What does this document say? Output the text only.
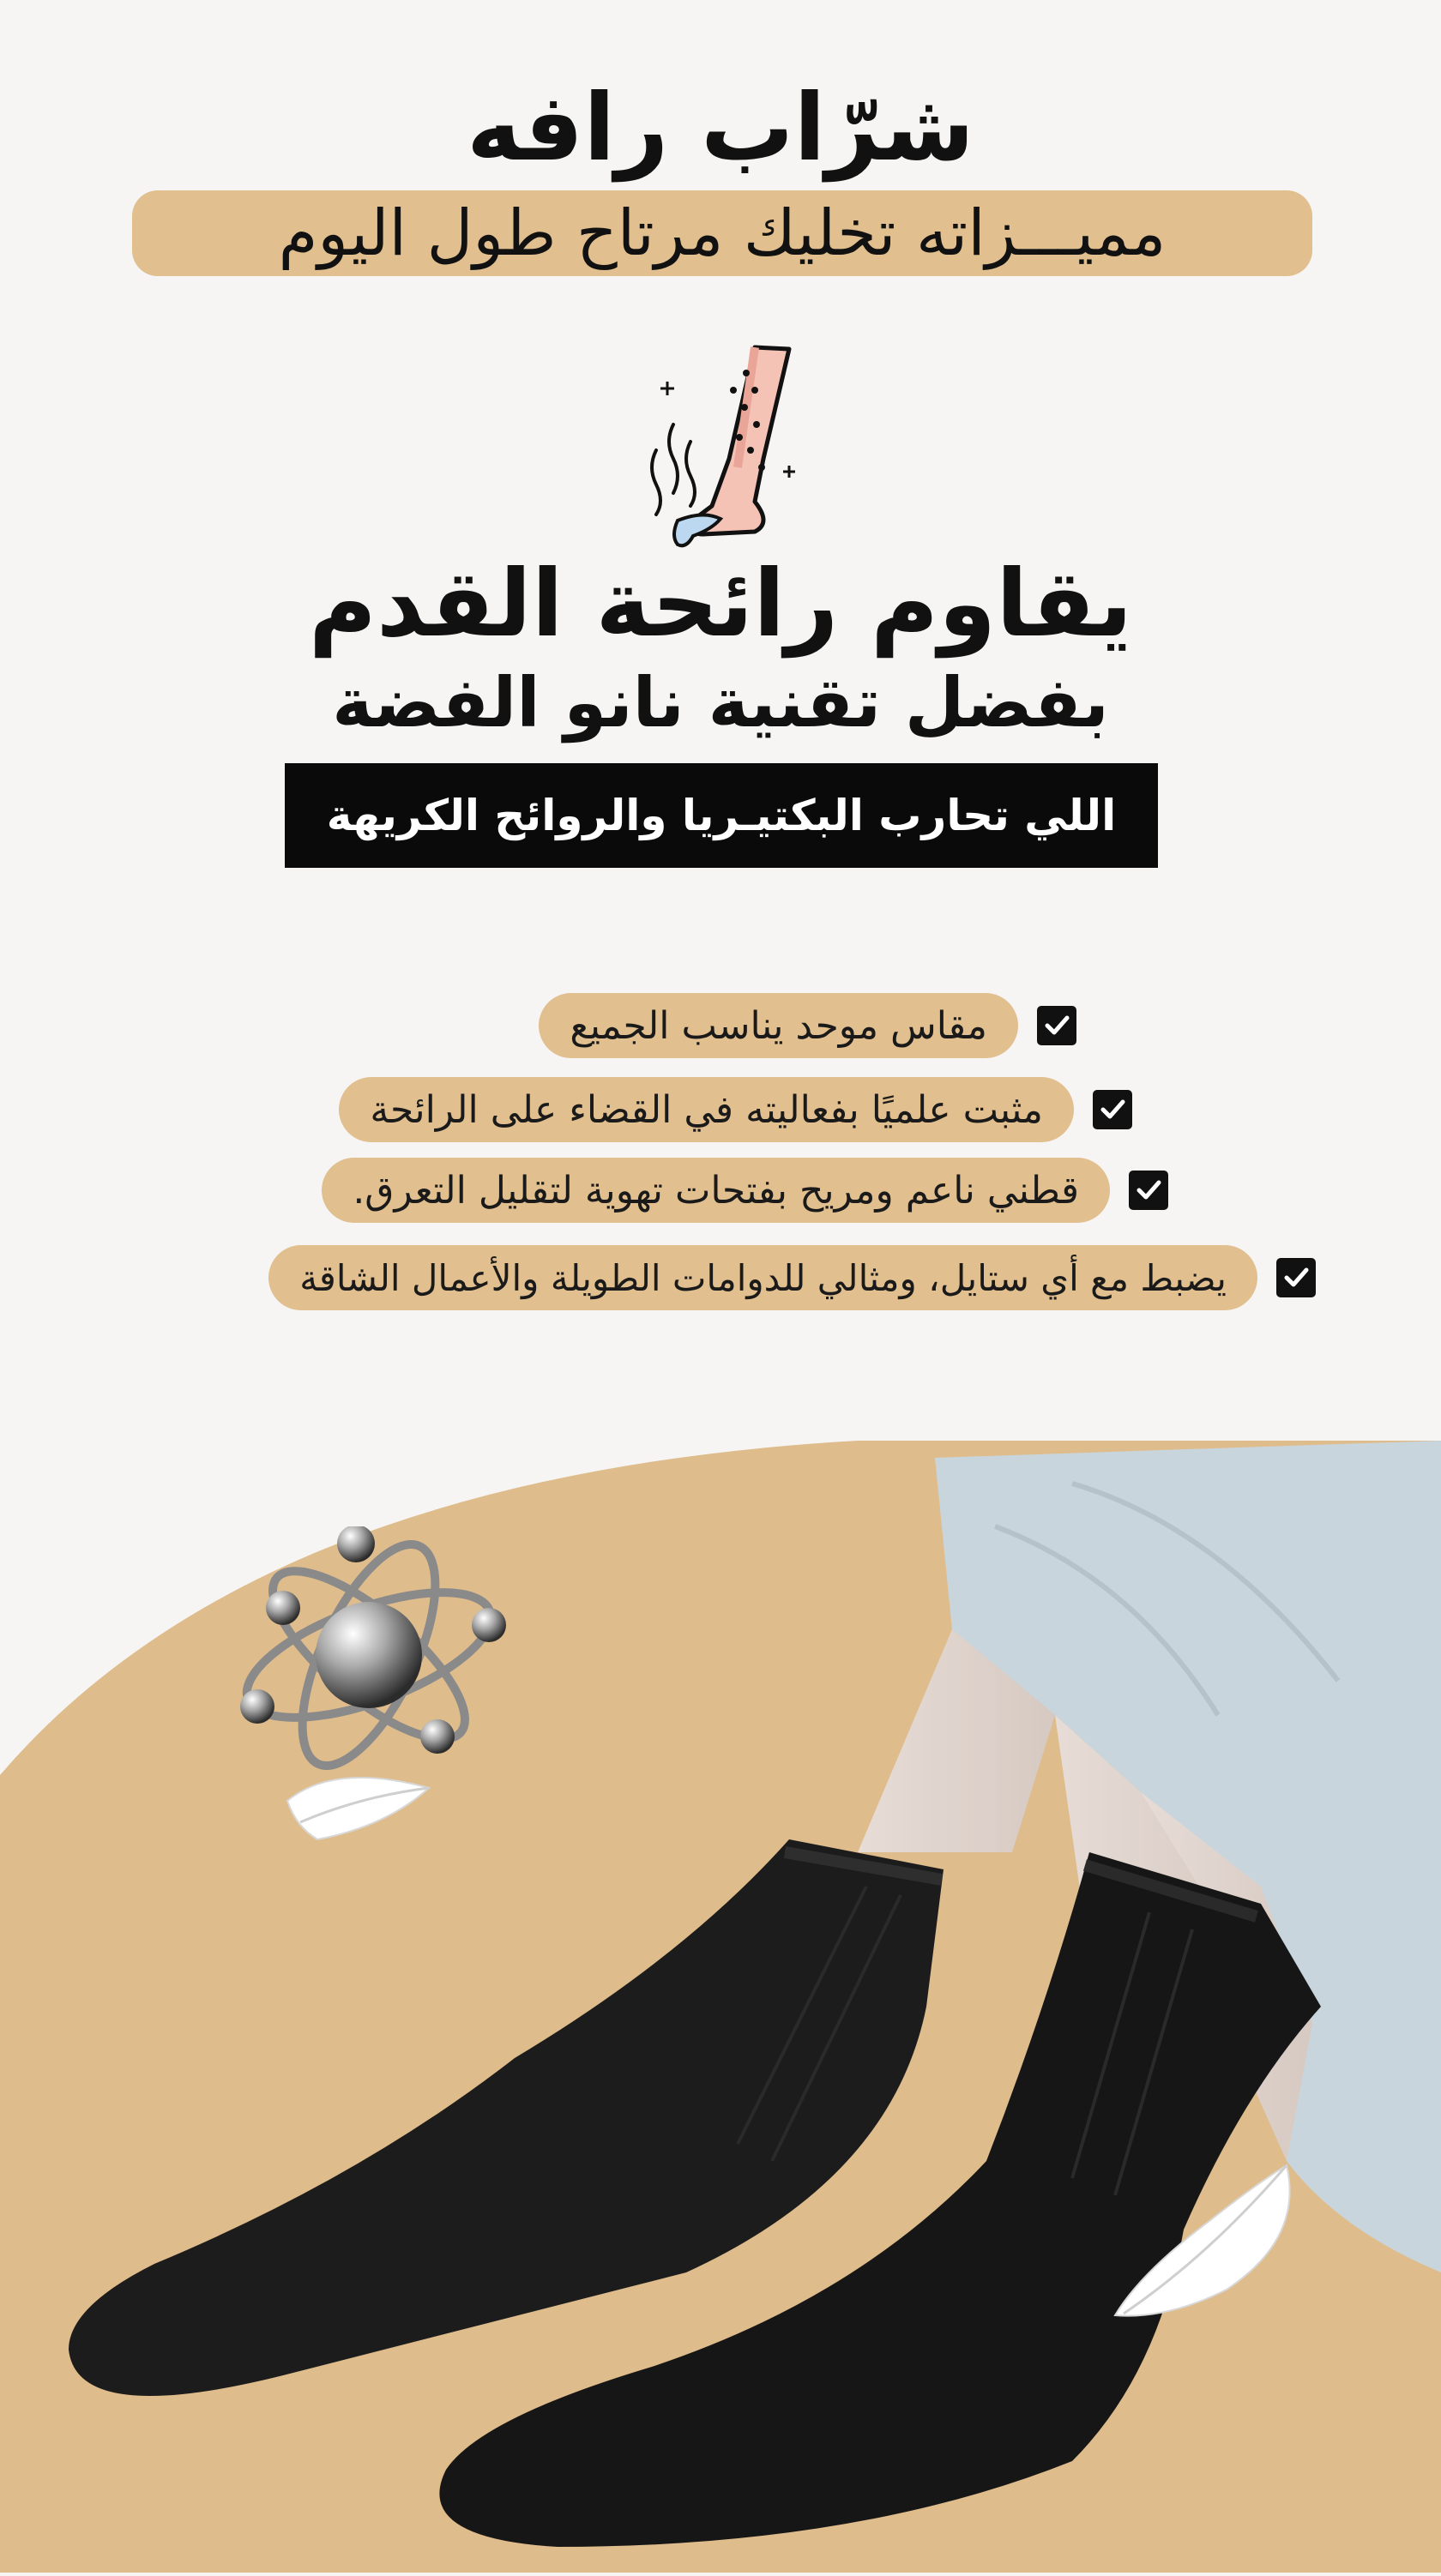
شرّاب رافه
مميـــزاته تخليك مرتاح طول اليوم
يقاوم رائحة القدم
بفضل تقنية نانو الفضة
اللي تحارب البكتيـريا والروائح الكريهة
مقاس موحد يناسب الجميع
مثبت علميًا بفعاليته في القضاء على الرائحة
قطني ناعم ومريح بفتحات تهوية لتقليل التعرق.
يضبط مع أي ستايل، ومثالي للدوامات الطويلة والأعمال الشاقة
